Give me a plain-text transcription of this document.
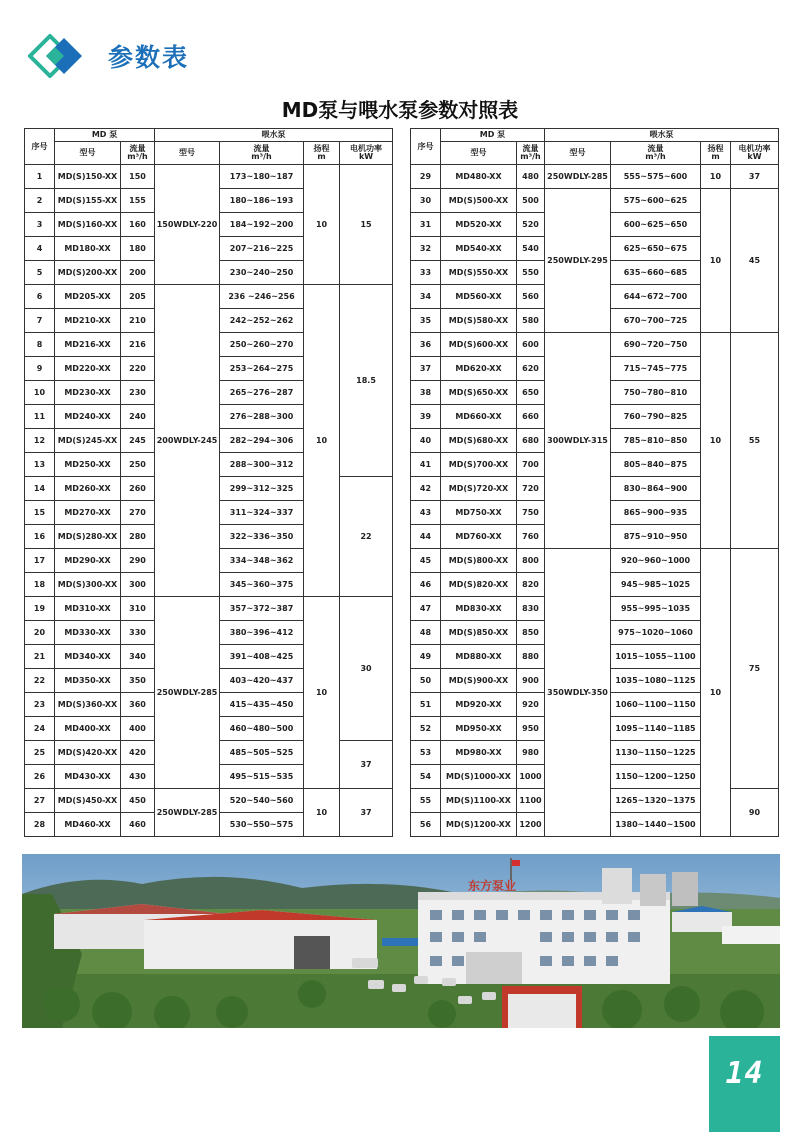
参数表
MD泵与喂水泵参数对照表
序号	MD 泵		喂水泵			
	型号	流量
m³/h	型号	流量
m³/h	扬程
m	电机功率
kW
1	MD(S)150-XX	150	150WDLY-220	173~180~187	10	15
2	MD(S)155-XX	155		180~186~193		
3	MD(S)160-XX	160		184~192~200		
4	MD180-XX	180		207~216~225		
5	MD(S)200-XX	200		230~240~250		
6	MD205-XX	205	200WDLY-245	236 ~246~256	10	18.5
7	MD210-XX	210		242~252~262		
8	MD216-XX	216		250~260~270		
9	MD220-XX	220		253~264~275		
10	MD230-XX	230		265~276~287		
11	MD240-XX	240		276~288~300		
12	MD(S)245-XX	245		282~294~306		
13	MD250-XX	250		288~300~312		
14	MD260-XX	260		299~312~325		22
15	MD270-XX	270		311~324~337		
16	MD(S)280-XX	280		322~336~350		
17	MD290-XX	290		334~348~362		
18	MD(S)300-XX	300		345~360~375		
19	MD310-XX	310	250WDLY-285	357~372~387	10	30
20	MD330-XX	330		380~396~412		
21	MD340-XX	340		391~408~425		
22	MD350-XX	350		403~420~437		
23	MD(S)360-XX	360		415~435~450		
24	MD400-XX	400		460~480~500		
25	MD(S)420-XX	420		485~505~525		37
26	MD430-XX	430		495~515~535		
27	MD(S)450-XX	450	250WDLY-285	520~540~560	10	37
28	MD460-XX	460		530~550~575		
序号	MD 泵		喂水泵			
	型号	流量
m³/h	型号	流量
m³/h	扬程
m	电机功率
kW
29	MD480-XX	480	250WDLY-285	555~575~600	10	37
30	MD(S)500-XX	500	250WDLY-295	575~600~625	10	45
31	MD520-XX	520		600~625~650		
32	MD540-XX	540		625~650~675		
33	MD(S)550-XX	550		635~660~685		
34	MD560-XX	560		644~672~700		
35	MD(S)580-XX	580		670~700~725		
36	MD(S)600-XX	600	300WDLY-315	690~720~750	10	55
37	MD620-XX	620		715~745~775		
38	MD(S)650-XX	650		750~780~810		
39	MD660-XX	660		760~790~825		
40	MD(S)680-XX	680		785~810~850		
41	MD(S)700-XX	700		805~840~875		
42	MD(S)720-XX	720		830~864~900		
43	MD750-XX	750		865~900~935		
44	MD760-XX	760		875~910~950		
45	MD(S)800-XX	800	350WDLY-350	920~960~1000	10	75
46	MD(S)820-XX	820		945~985~1025		
47	MD830-XX	830		955~995~1035		
48	MD(S)850-XX	850		975~1020~1060		
49	MD880-XX	880		1015~1055~1100		
50	MD(S)900-XX	900		1035~1080~1125		
51	MD920-XX	920		1060~1100~1150		
52	MD950-XX	950		1095~1140~1185		
53	MD980-XX	980		1130~1150~1225		
54	MD(S)1000-XX	1000		1150~1200~1250		
55	MD(S)1100-XX	1100		1265~1320~1375		90
56	MD(S)1200-XX	1200		1380~1440~1500		
东方泵业
14
